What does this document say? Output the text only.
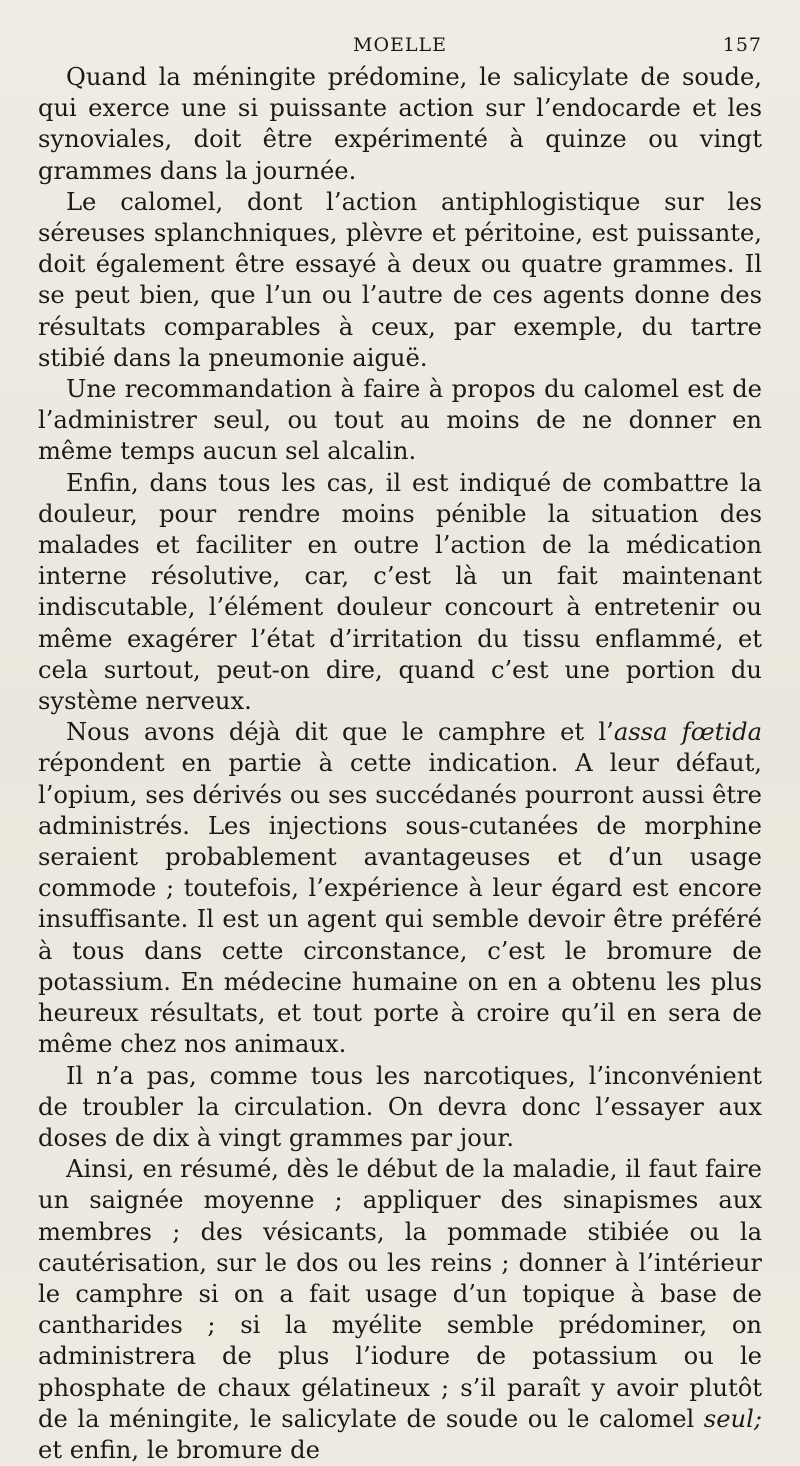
MOELLE	157

Quand la méningite prédomine, le salicylate de soude, qui exerce une si puissante action sur l’endocarde et les synoviales, doit être expérimenté à quinze ou vingt grammes dans la journée.

Le calomel, dont l’action antiphlogistique sur les séreuses splanchniques, plèvre et péritoine, est puissante, doit également être essayé à deux ou quatre grammes. Il se peut bien, que l’un ou l’autre de ces agents donne des résultats comparables à ceux, par exemple, du tartre stibié dans la pneumonie aiguë.

Une recommandation à faire à propos du calomel est de l’administrer seul, ou tout au moins de ne donner en même temps aucun sel alcalin.

Enfin, dans tous les cas, il est indiqué de combattre la douleur, pour rendre moins pénible la situation des malades et faciliter en outre l’action de la médication interne résolutive, car, c’est là un fait maintenant indiscutable, l’élément douleur concourt à entretenir ou même exagérer l’état d’irritation du tissu enflammé, et cela surtout, peut-on dire, quand c’est une portion du système nerveux.

Nous avons déjà dit que le camphre et l’assa fœtida répondent en partie à cette indication. A leur défaut, l’opium, ses dérivés ou ses succédanés pourront aussi être administrés. Les injections sous-cutanées de morphine seraient probablement avantageuses et d’un usage commode ; toutefois, l’expérience à leur égard est encore insuffisante. Il est un agent qui semble devoir être préféré à tous dans cette circonstance, c’est le bromure de potassium. En médecine humaine on en a obtenu les plus heureux résultats, et tout porte à croire qu’il en sera de même chez nos animaux.

Il n’a pas, comme tous les narcotiques, l’inconvénient de troubler la circulation. On devra donc l’essayer aux doses de dix à vingt grammes par jour.

Ainsi, en résumé, dès le début de la maladie, il faut faire un saignée moyenne ; appliquer des sinapismes aux membres ; des vésicants, la pommade stibiée ou la cautérisation, sur le dos ou les reins ; donner à l’intérieur le camphre si on a fait usage d’un topique à base de cantharides ; si la myélite semble prédominer, on administrera de plus l’iodure de potassium ou le phosphate de chaux gélatineux ; s’il paraît y avoir plutôt de la méningite, le salicylate de soude ou le calomel seul; et enfin, le bromure de
